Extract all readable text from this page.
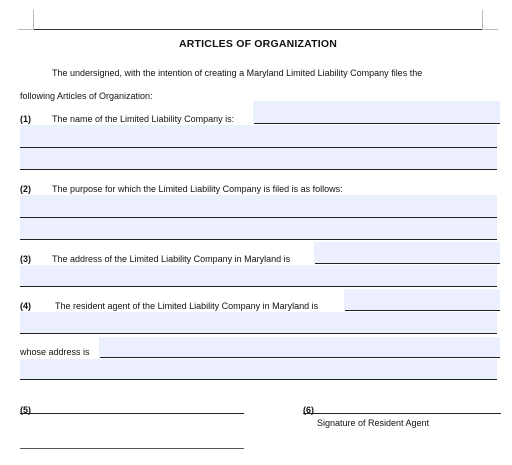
ARTICLES OF ORGANIZATION
The undersigned, with the intention of creating a Maryland Limited Liability Company files the
following Articles of Organization:
(1) The name of the Limited Liability Company is:
(2) The purpose for which the Limited Liability Company is filed is as follows:
(3) The address of the Limited Liability Company in Maryland is
(4)	The resident agent of the Limited Liability Company in Maryland is
whose address is
(5)	(6)
Signature of Resident Agent
